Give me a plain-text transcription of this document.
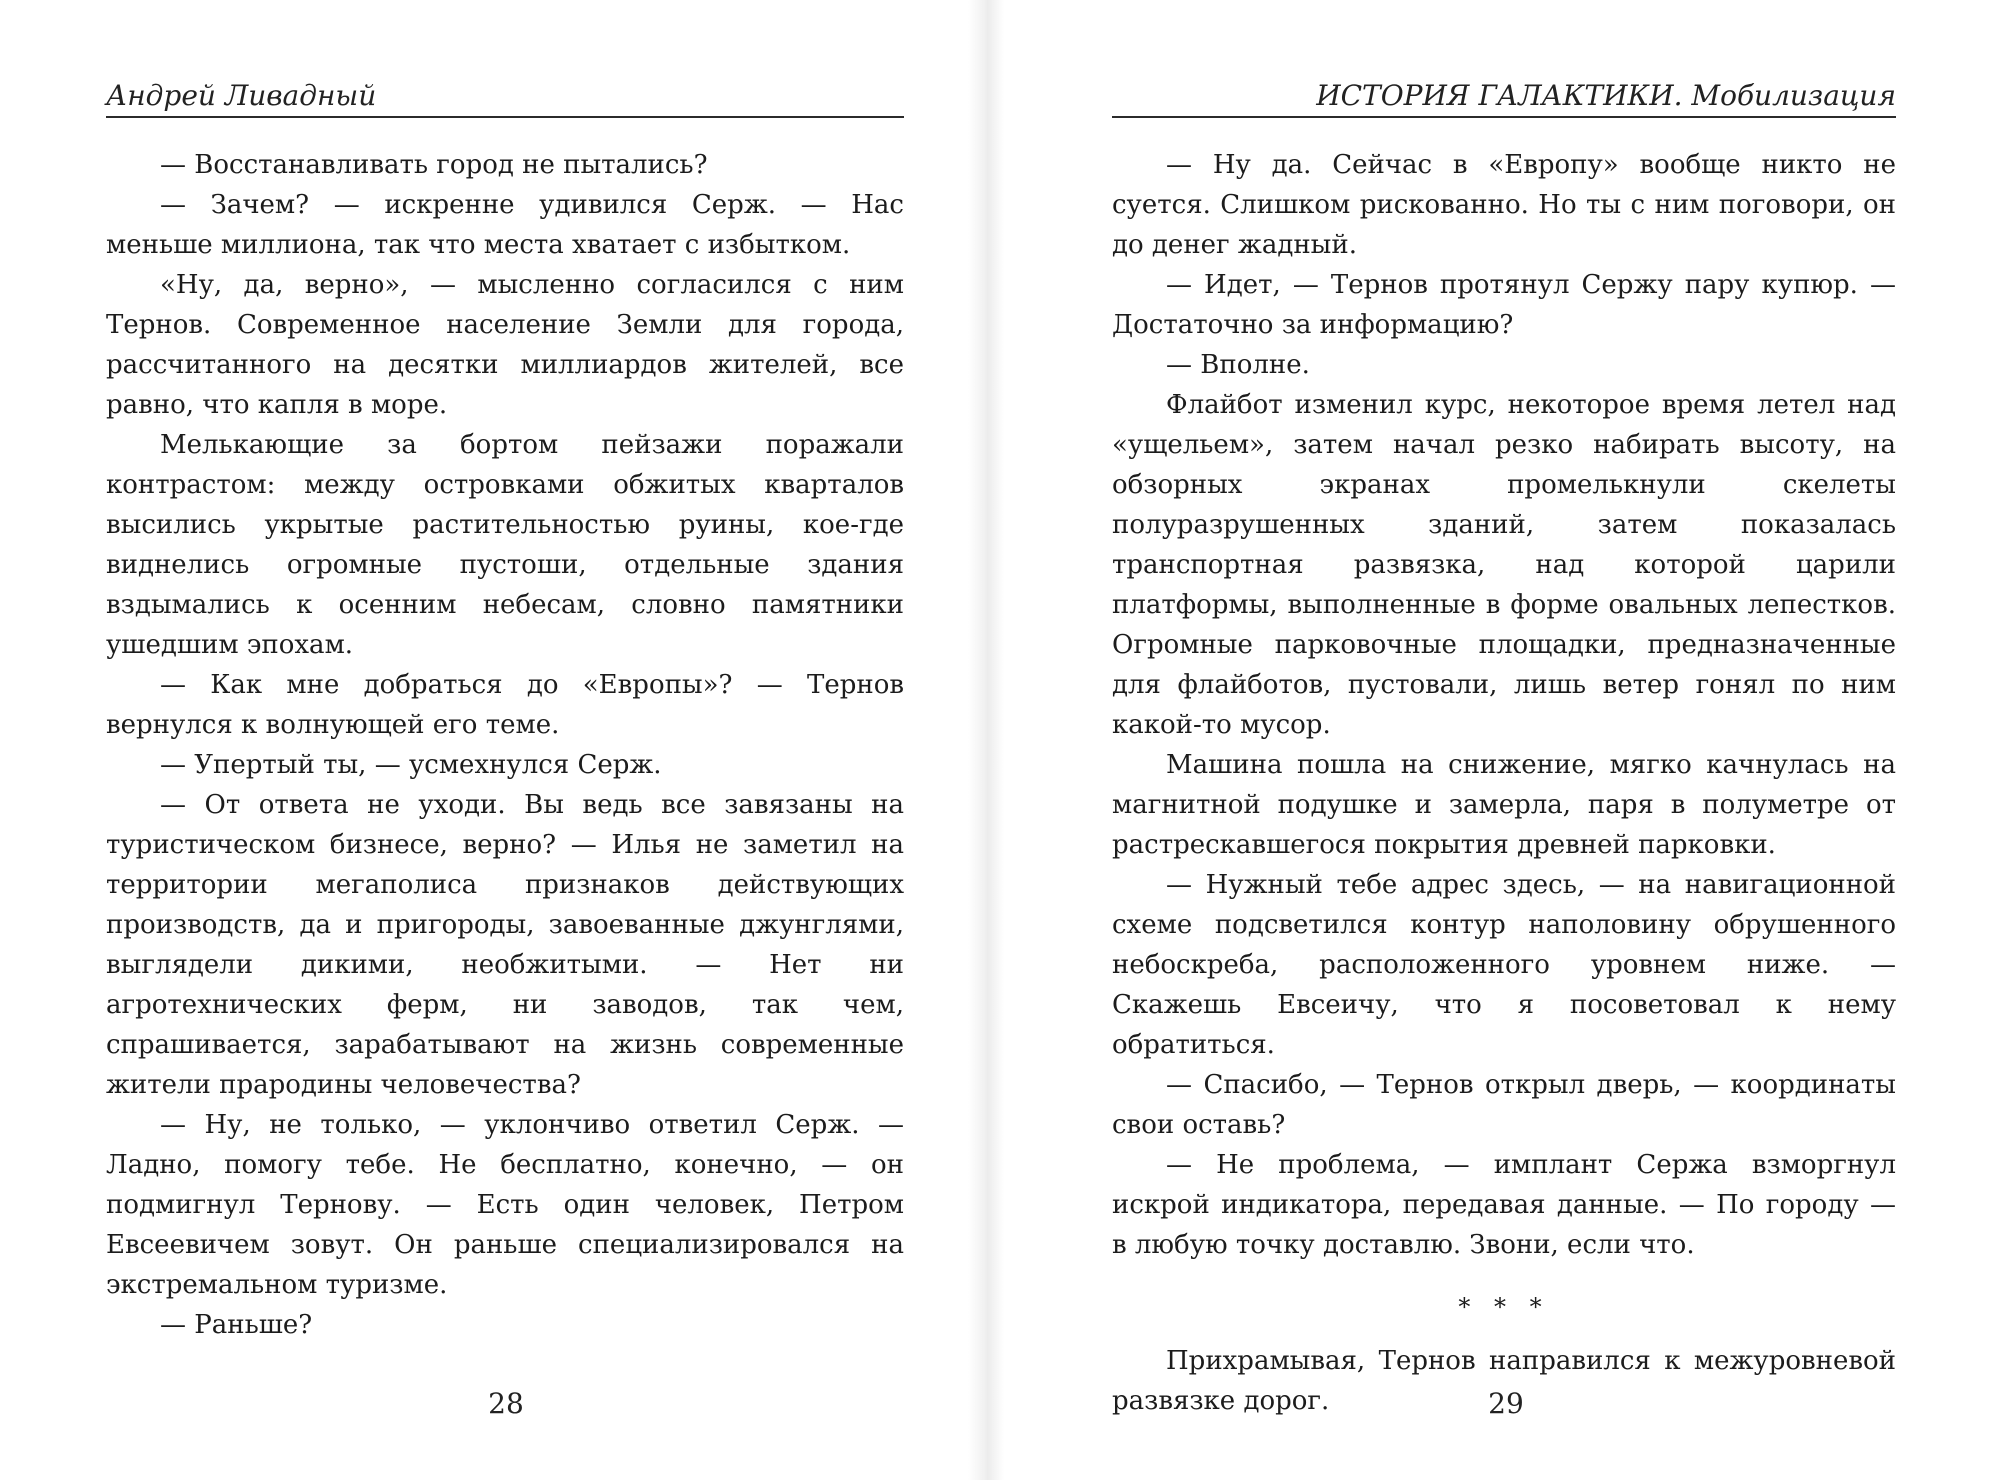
Андрей Ливадный

— Восстанавливать город не пытались?

— Зачем? — искренне удивился Серж. — Нас меньше миллиона, так что места хватает с избытком.

«Ну, да, верно», — мысленно согласился с ним Тернов. Современное население Земли для города, рассчитанного на десятки миллиардов жителей, все равно, что капля в море.

Мелькающие за бортом пейзажи поражали контрастом: между островками обжитых кварталов высились укрытые растительностью руины, кое-где виднелись огромные пустоши, отдельные здания вздымались к осенним небесам, словно памятники ушедшим эпохам.

— Как мне добраться до «Европы»? — Тернов вернулся к волнующей его теме.

— Упертый ты, — усмехнулся Серж.

— От ответа не уходи. Вы ведь все завязаны на туристическом бизнесе, верно? — Илья не заметил на территории мегаполиса признаков действующих производств, да и пригороды, завоеванные джунглями, выглядели дикими, необжитыми. — Нет ни агротехнических ферм, ни заводов, так чем, спрашивается, зарабатывают на жизнь современные жители прародины человечества?

— Ну, не только, — уклончиво ответил Серж. — Ладно, помогу тебе. Не бесплатно, конечно, — он подмигнул Тернову. — Есть один человек, Петром Евсеевичем зовут. Он раньше специализировался на экстремальном туризме.

— Раньше?

28
ИСТОРИЯ ГАЛАКТИКИ. Мобилизация

— Ну да. Сейчас в «Европу» вообще никто не суется. Слишком рискованно. Но ты с ним поговори, он до денег жадный.

— Идет, — Тернов протянул Сержу пару купюр. — Достаточно за информацию?

— Вполне.

Флайбот изменил курс, некоторое время летел над «ущельем», затем начал резко набирать высоту, на обзорных экранах промелькнули скелеты полуразрушенных зданий, затем показалась транспортная развязка, над которой царили платформы, выполненные в форме овальных лепестков. Огромные парковочные площадки, предназначенные для флайботов, пустовали, лишь ветер гонял по ним какой-то мусор.

Машина пошла на снижение, мягко качнулась на магнитной подушке и замерла, паря в полуметре от растрескавшегося покрытия древней парковки.

— Нужный тебе адрес здесь, — на навигационной схеме подсветился контур наполовину обрушенного небоскреба, расположенного уровнем ниже. — Скажешь Евсеичу, что я посоветовал к нему обратиться.

— Спасибо, — Тернов открыл дверь, — координаты свои оставь?

— Не проблема, — имплант Сержа взморгнул искрой индикатора, передавая данные. — По городу — в любую точку доставлю. Звони, если что.

* * *

Прихрамывая, Тернов направился к межуровневой развязке дорог.	29
